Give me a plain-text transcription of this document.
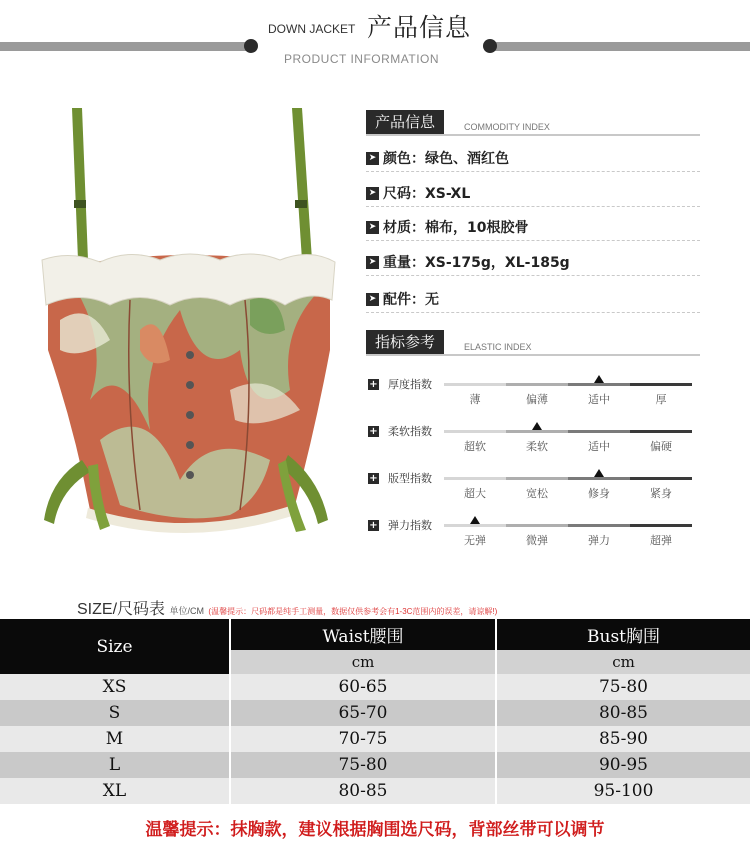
DOWN JACKET 产品信息
PRODUCT INFORMATION
产品信息	COMMODITY INDEX
➤ 颜色：绿色、酒红色
➤ 尺码：XS-XL
➤ 材质：棉布，10根胶骨
➤ 重量：XS-175g，XL-185g
➤ 配件：无
指标参考	ELASTIC INDEX
+ 厚度指数
薄	偏薄	适中	厚
+ 柔软指数
超软	柔软	适中	偏硬
+ 版型指数
超大	宽松	修身	紧身
+ 弹力指数
无弹	微弹	弹力	超弹
SIZE/尺码表 单位/CM (温馨提示：尺码都是纯手工测量，数据仅供参考会有1-3C范围内的误差，请谅解!)
Size	Waist腰围	Bust胸围
	cm	cm
XS	60-65	75-80
S	65-70	80-85
M	70-75	85-90
L	75-80	90-95
XL	80-85	95-100
温馨提示：抹胸款，建议根据胸围选尺码，背部丝带可以调节
